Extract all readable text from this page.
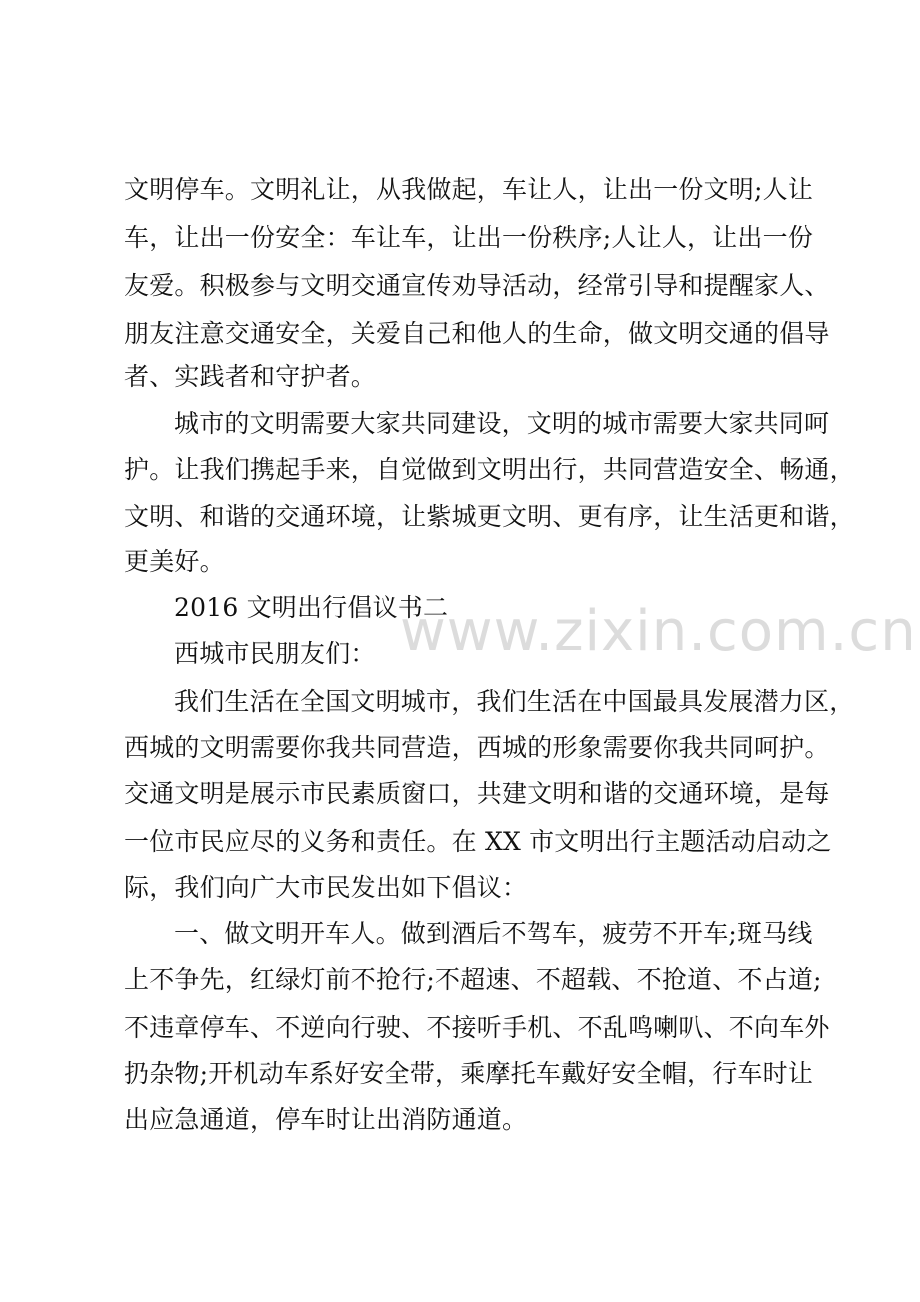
www.zixin.com.cn
文明停车。文明礼让，从我做起，车让人，让出一份文明;人让
车，让出一份安全：车让车，让出一份秩序;人让人，让出一份
友爱。积极参与文明交通宣传劝导活动，经常引导和提醒家人、
朋友注意交通安全，关爱自己和他人的生命，做文明交通的倡导
者、实践者和守护者。
城市的文明需要大家共同建设，文明的城市需要大家共同呵
护。让我们携起手来，自觉做到文明出行，共同营造安全、畅通，
文明、和谐的交通环境，让紫城更文明、更有序，让生活更和谐，
更美好。
2016 文明出行倡议书二
西城市民朋友们：
我们生活在全国文明城市，我们生活在中国最具发展潜力区，
西城的文明需要你我共同营造，西城的形象需要你我共同呵护。
交通文明是展示市民素质窗口，共建文明和谐的交通环境，是每
一位市民应尽的义务和责任。在 XX 市文明出行主题活动启动之
际，我们向广大市民发出如下倡议：
一、做文明开车人。做到酒后不驾车，疲劳不开车;斑马线
上不争先，红绿灯前不抢行;不超速、不超载、不抢道、不占道;
不违章停车、不逆向行驶、不接听手机、不乱鸣喇叭、不向车外
扔杂物;开机动车系好安全带，乘摩托车戴好安全帽，行车时让
出应急通道，停车时让出消防通道。
